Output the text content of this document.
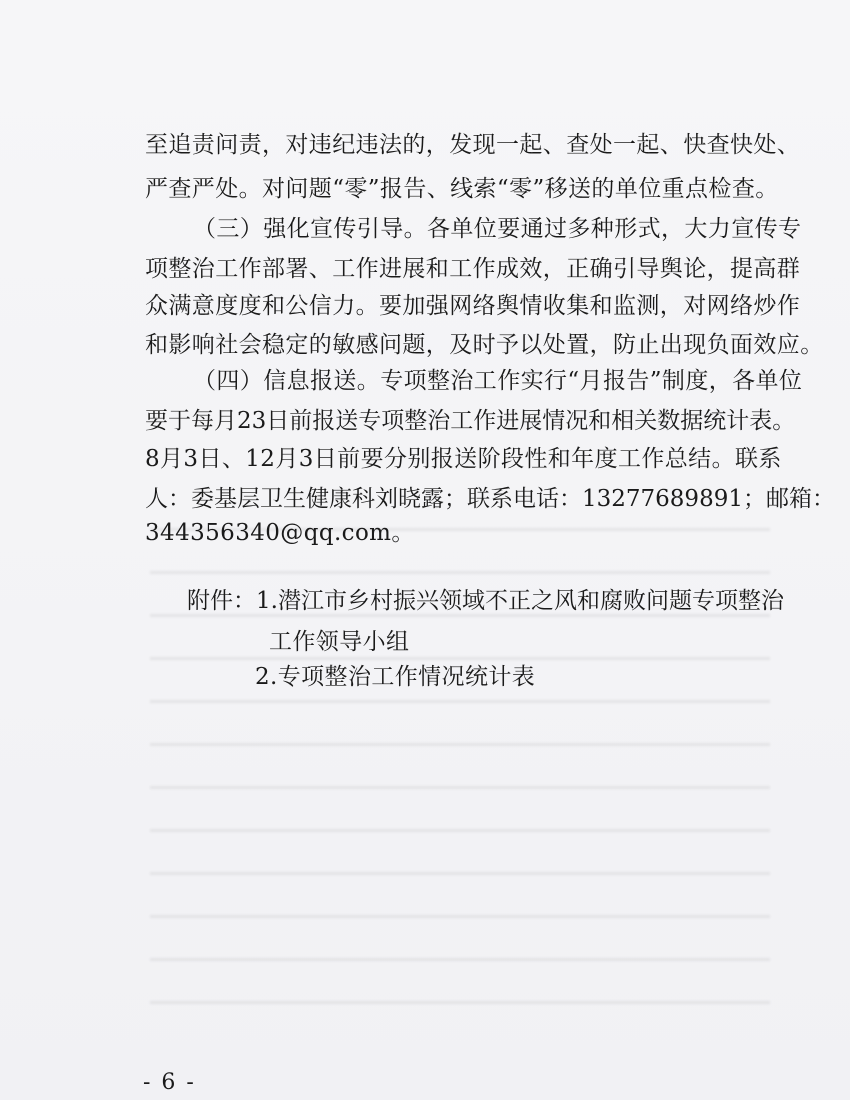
至追责问责，对违纪违法的，发现一起、查处一起、快查快处、
严查严处。对问题“零”报告、线索“零”移送的单位重点检查。
（三）强化宣传引导。各单位要通过多种形式，大力宣传专
项整治工作部署、工作进展和工作成效，正确引导舆论，提高群
众满意度度和公信力。要加强网络舆情收集和监测，对网络炒作
和影响社会稳定的敏感问题，及时予以处置，防止出现负面效应。
（四）信息报送。专项整治工作实行“月报告”制度，各单位
要于每月23日前报送专项整治工作进展情况和相关数据统计表。
8月3日、12月3日前要分别报送阶段性和年度工作总结。联系
人：委基层卫生健康科刘晓露；联系电话：13277689891；邮箱：
344356340@qq.com。
附件：1.潜江市乡村振兴领域不正之风和腐败问题专项整治
工作领导小组
2.专项整治工作情况统计表
- 6 -
